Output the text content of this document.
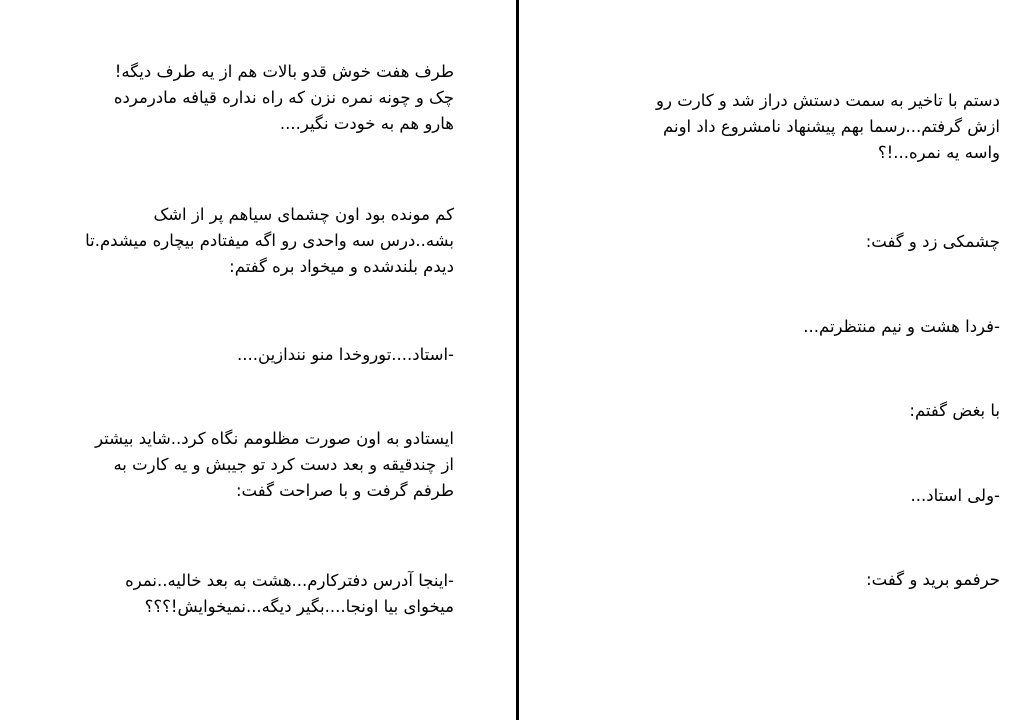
طرف هفت خوش قدو بالات هم از یه طرف دیگه!
چک و چونه نمره نزن که راه نداره قیافه مادرمرده
هارو هم به خودت نگیر....
کم مونده بود اون چشمای سیاهم پر از اشک
بشه..درس سه واحدی رو اگه میفتادم بیچاره میشدم.تا
دیدم بلندشده و میخواد بره گفتم:
-استاد....توروخدا منو نندازین....
ایستادو به اون صورت مظلومم نگاه کرد..شاید بیشتر
از چندقیقه و بعد دست کرد تو جیبش و یه کارت به
طرفم گرفت و با صراحت گفت:
-اینجا آدرس دفترکارم...هشت به بعد خالیه..نمره
میخوای بیا اونجا....بگیر دیگه...نمیخوایش!؟؟؟
دستم با تاخیر به سمت دستش دراز شد و کارت رو
ازش گرفتم...رسما بهم پیشنهاد نامشروع داد اونم
واسه یه نمره...!؟
چشمکی زد و گفت:
-فردا هشت و نیم منتظرتم...
با بغض گفتم:
-ولی استاد...
حرفمو برید و گفت:
